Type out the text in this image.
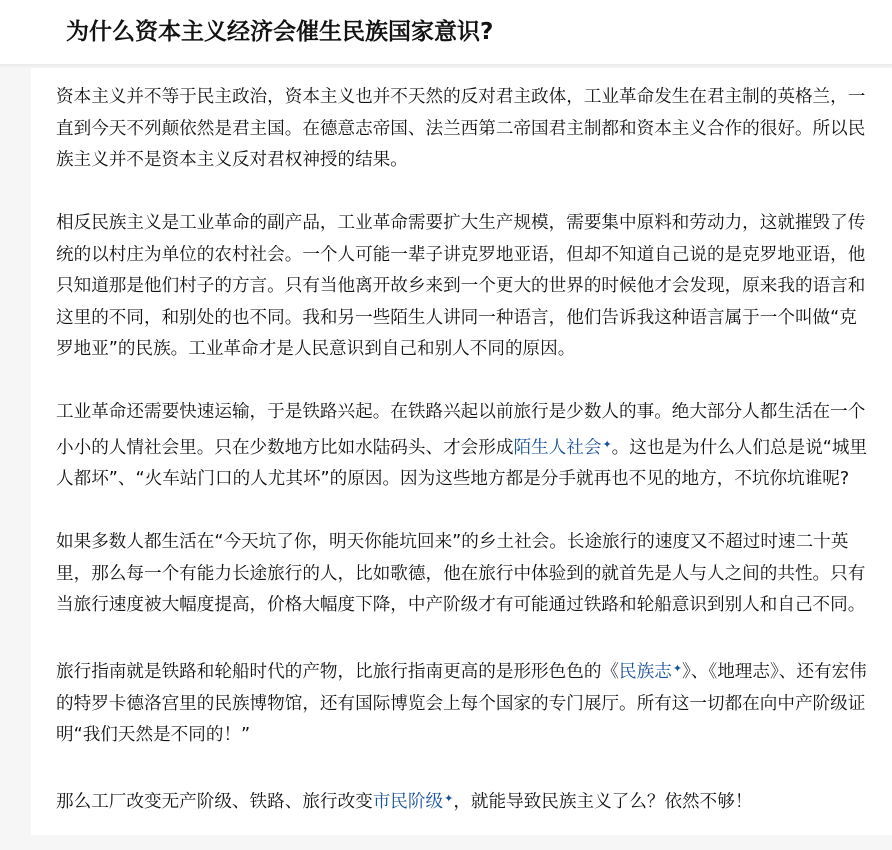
为什么资本主义经济会催生民族国家意识?

资本主义并不等于民主政治，资本主义也并不天然的反对君主政体，工业革命发生在君主制的英格兰，一直到今天不列颠依然是君主国。在德意志帝国、法兰西第二帝国君主制都和资本主义合作的很好。所以民族主义并不是资本主义反对君权神授的结果。

相反民族主义是工业革命的副产品，工业革命需要扩大生产规模，需要集中原料和劳动力，这就摧毁了传统的以村庄为单位的农村社会。一个人可能一辈子讲克罗地亚语，但却不知道自己说的是克罗地亚语，他只知道那是他们村子的方言。只有当他离开故乡来到一个更大的世界的时候他才会发现，原来我的语言和这里的不同，和别处的也不同。我和另一些陌生人讲同一种语言，他们告诉我这种语言属于一个叫做“克罗地亚”的民族。工业革命才是人民意识到自己和别人不同的原因。

工业革命还需要快速运输，于是铁路兴起。在铁路兴起以前旅行是少数人的事。绝大部分人都生活在一个小小的人情社会里。只在少数地方比如水陆码头、才会形成陌生人社会✦。这也是为什么人们总是说“城里人都坏”、“火车站门口的人尤其坏”的原因。因为这些地方都是分手就再也不见的地方，不坑你坑谁呢?

如果多数人都生活在“今天坑了你，明天你能坑回来”的乡土社会。长途旅行的速度又不超过时速二十英里，那么每一个有能力长途旅行的人，比如歌德，他在旅行中体验到的就首先是人与人之间的共性。只有当旅行速度被大幅度提高，价格大幅度下降，中产阶级才有可能通过铁路和轮船意识到别人和自己不同。

旅行指南就是铁路和轮船时代的产物，比旅行指南更高的是形形色色的《民族志✦》、《地理志》、还有宏伟的特罗卡德洛宫里的民族博物馆，还有国际博览会上每个国家的专门展厅。所有这一切都在向中产阶级证明“我们天然是不同的！”

那么工厂改变无产阶级、铁路、旅行改变市民阶级✦，就能导致民族主义了么？依然不够！
